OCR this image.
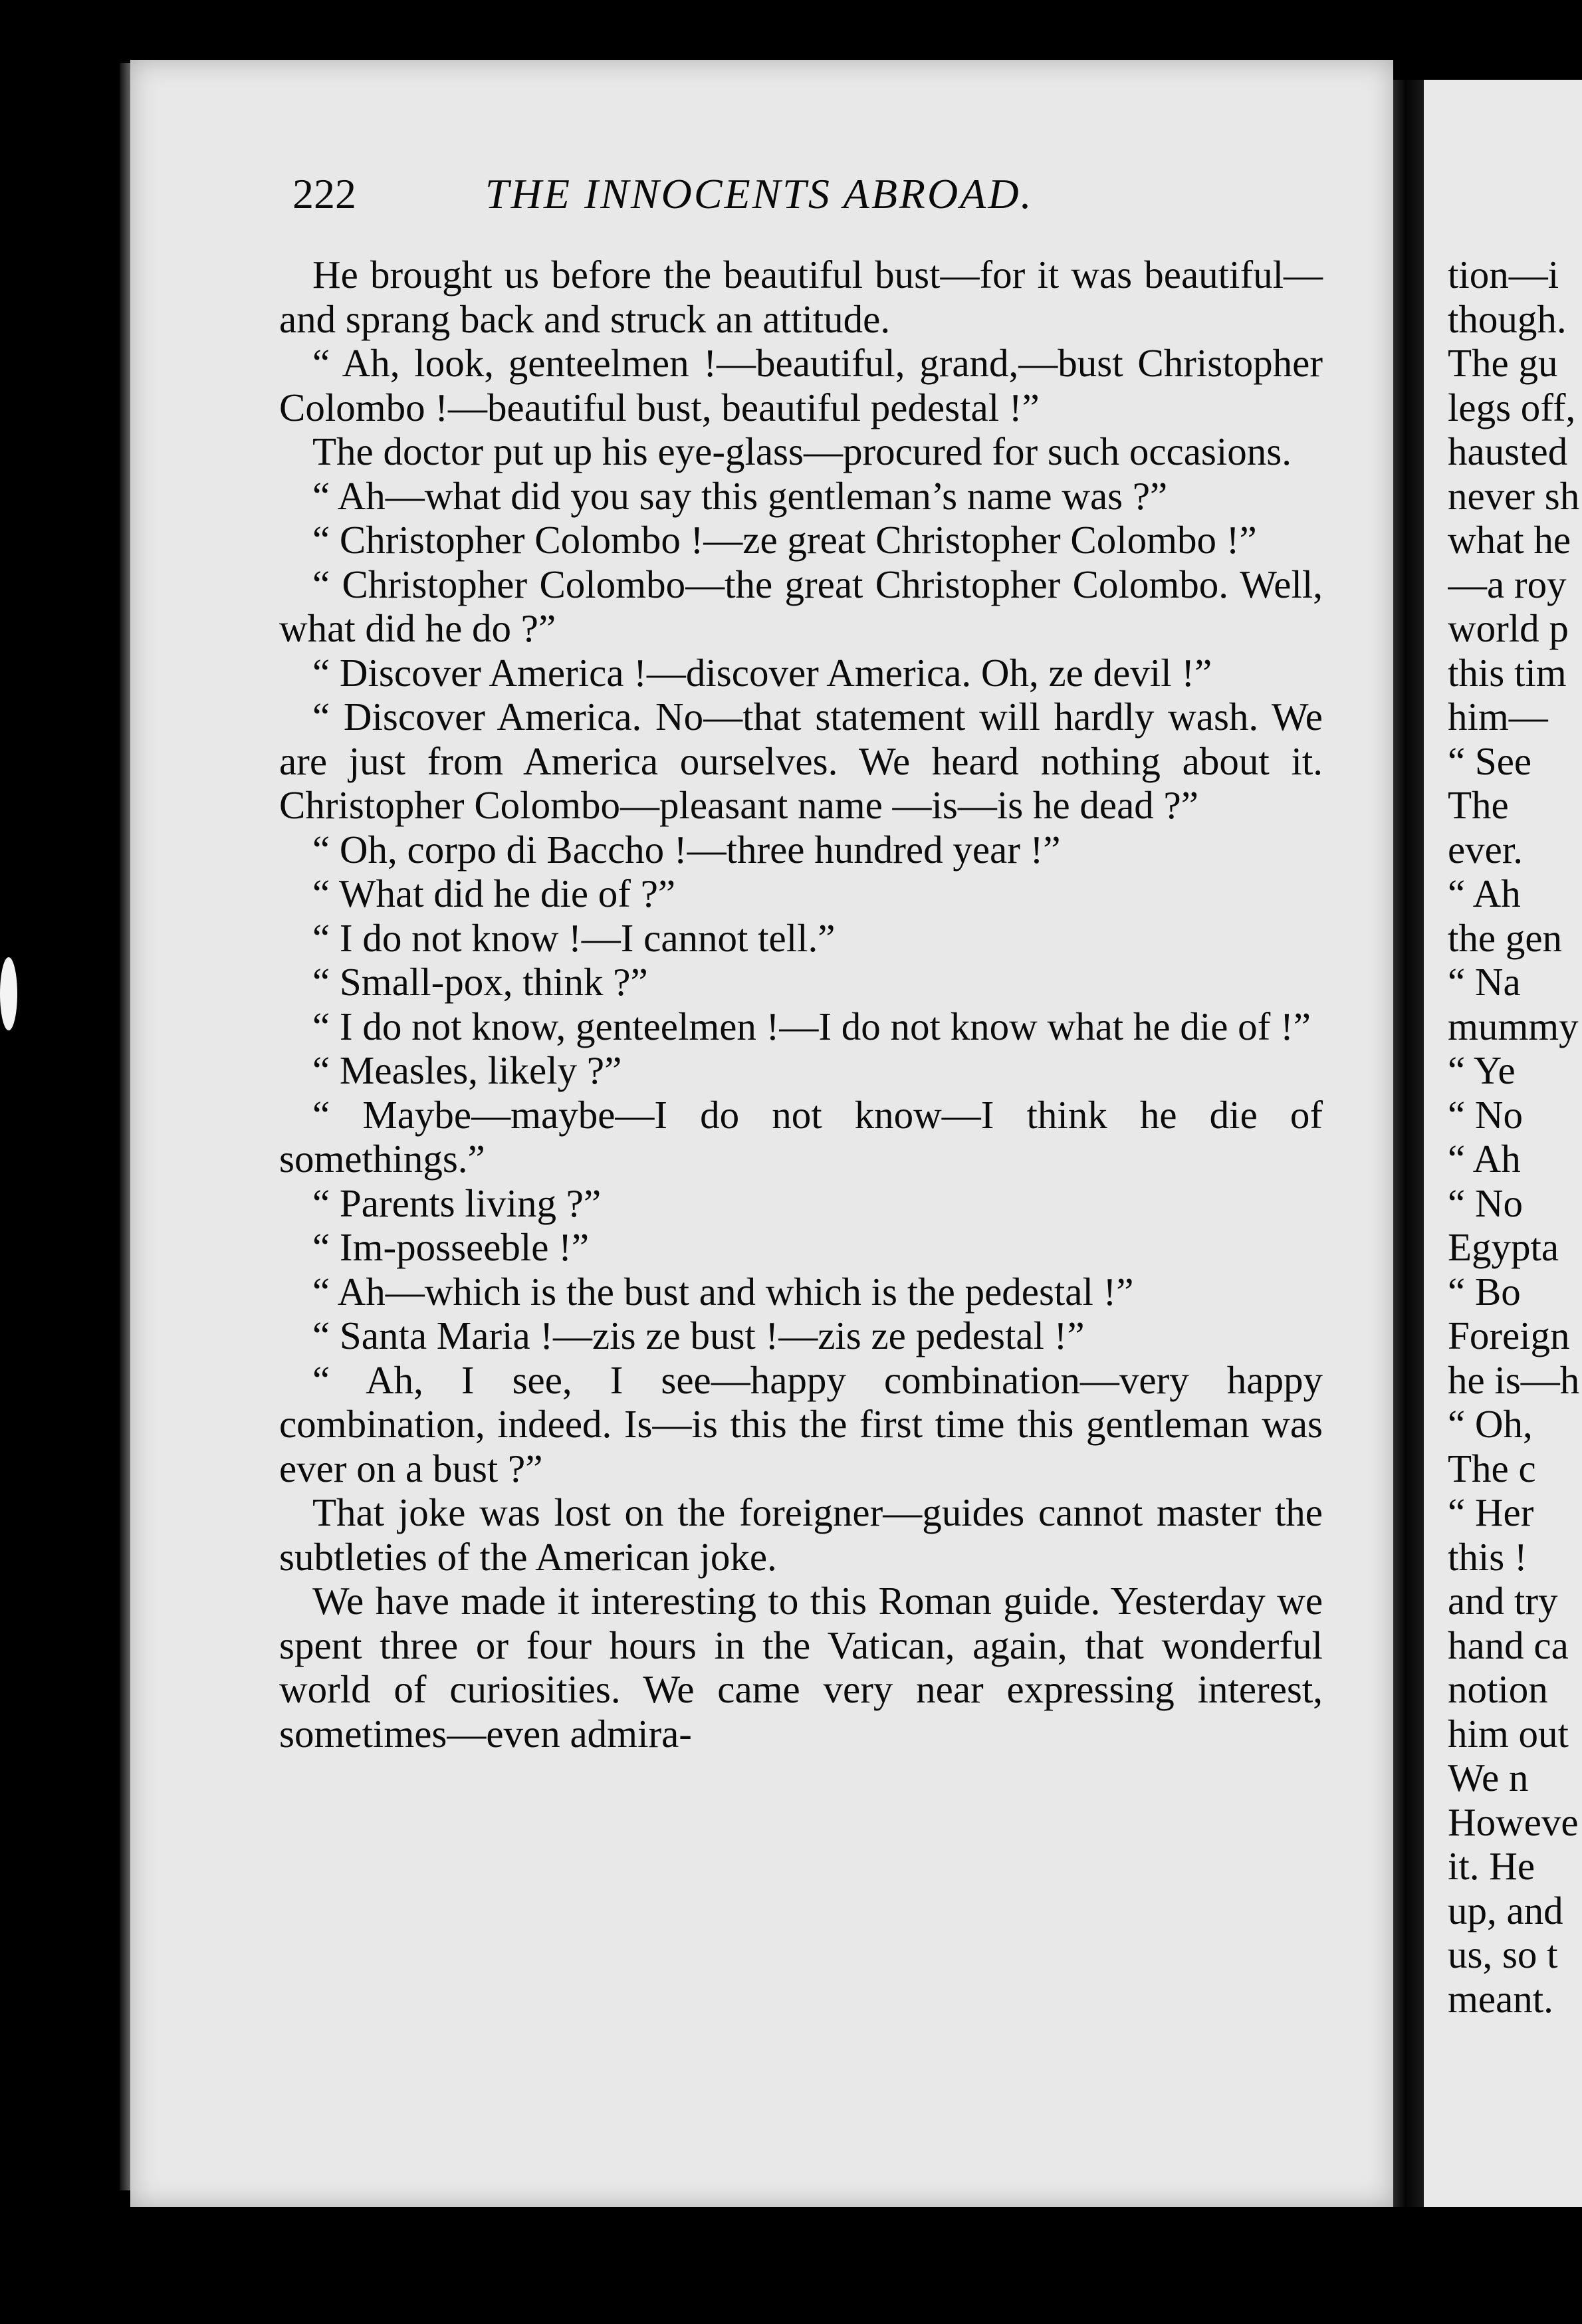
222	THE INNOCENTS ABROAD.

He brought us before the beautiful bust—for it was beautiful—and sprang back and struck an attitude.

“ Ah, look, genteelmen !—beautiful, grand,—bust Christopher Colombo !—beautiful bust, beautiful pedestal !”

The doctor put up his eye-glass—procured for such occasions.

“ Ah—what did you say this gentleman’s name was ?”

“ Christopher Colombo !—ze great Christopher Colombo !”

“ Christopher Colombo—the great Christopher Colombo. Well, what did he do ?”

“ Discover America !—discover America. Oh, ze devil !”

“ Discover America. No—that statement will hardly wash. We are just from America ourselves. We heard nothing about it. Christopher Colombo—pleasant name —is—is he dead ?”

“ Oh, corpo di Baccho !—three hundred year !”

“ What did he die of ?”

“ I do not know !—I cannot tell.”

“ Small-pox, think ?”

“ I do not know, genteelmen !—I do not know what he die of !”

“ Measles, likely ?”

“ Maybe—maybe—I do not know—I think he die of somethings.”

“ Parents living ?”

“ Im-posseeble !”

“ Ah—which is the bust and which is the pedestal !”

“ Santa Maria !—zis ze bust !—zis ze pedestal !”

“ Ah, I see, I see—happy combination—very happy combination, indeed. Is—is this the first time this gentleman was ever on a bust ?”

That joke was lost on the foreigner—guides cannot master the subtleties of the American joke.

We have made it interesting to this Roman guide. Yesterday we spent three or four hours in the Vatican, again, that wonderful world of curiosities. We came very near expressing interest, sometimes—even admira-

tion—i
though.
The gu
legs off,
hausted
never sh
what he
—a roy
world p
this tim
him—
“ See
The
ever.
“ Ah
the gen
“ Na
mummy
“ Ye
“ No
“ Ah
“ No
Egypta
“ Bo
Foreign
he is—h
“ Oh,
The c
“ Her
this !
and try
hand ca
notion
him out
We n
Howeve
it. He
up, and
us, so t
meant.
